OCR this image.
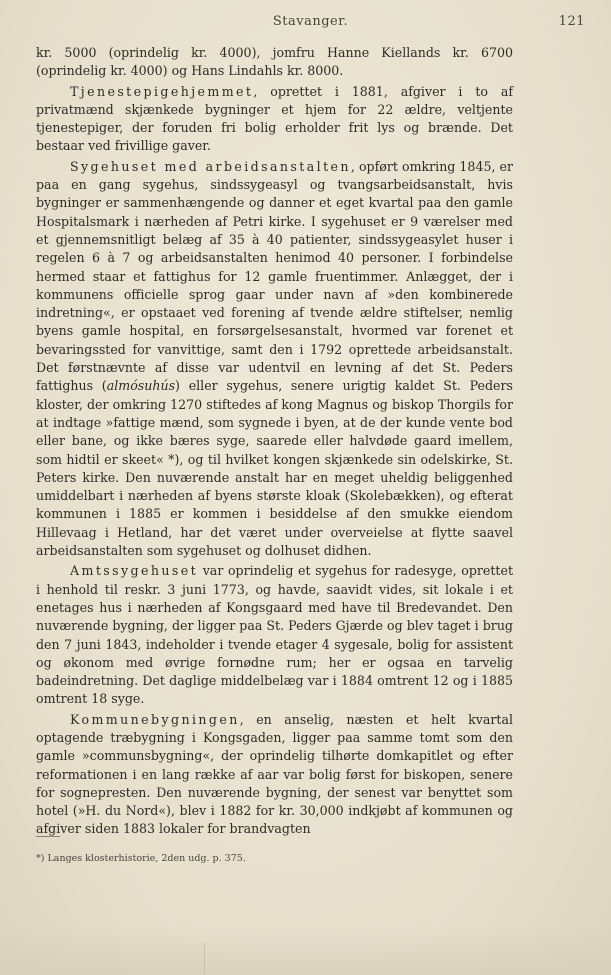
Stavanger.	121

kr. 5000 (oprindelig kr. 4000), jomfru Hanne Kiellands kr. 6700 (oprindelig kr. 4000) og Hans Lindahls kr. 8000.

Tjenestepigehjemmet, oprettet i 1881, afgiver i to af privatmænd skjænkede bygninger et hjem for 22 ældre, veltjente tjenestepiger, der foruden fri bolig erholder frit lys og brænde. Det bestaar ved frivillige gaver.

Sygehuset med arbeidsanstalten, opført omkring 1845, er paa en gang sygehus, sindssygeasyl og tvangsarbeidsanstalt, hvis bygninger er sammenhængende og danner et eget kvartal paa den gamle Hospitalsmark i nærheden af Petri kirke. I sygehuset er 9 værelser med et gjennemsnitligt belæg af 35 à 40 patienter, sindssygeasylet huser i regelen 6 à 7 og arbeidsanstalten henimod 40 personer. I forbindelse hermed staar et fattighus for 12 gamle fruentimmer. Anlægget, der i kommunens officielle sprog gaar under navn af »den kombinerede indretning«, er opstaaet ved forening af tvende ældre stiftelser, nemlig byens gamle hospital, en forsørgelsesanstalt, hvormed var forenet et bevaringssted for vanvittige, samt den i 1792 oprettede arbeidsanstalt. Det førstnævnte af disse var udentvil en levning af det St. Peders fattighus (almósuhús) eller sygehus, senere urigtig kaldet St. Peders kloster, der omkring 1270 stiftedes af kong Magnus og biskop Thorgils for at indtage »fattige mænd, som sygnede i byen, at de der kunde vente bod eller bane, og ikke bæres syge, saarede eller halvdøde gaard imellem, som hidtil er skeet« *), og til hvilket kongen skjænkede sin odelskirke, St. Peters kirke. Den nuværende anstalt har en meget uheldig beliggenhed umiddelbart i nærheden af byens største kloak (Skolebækken), og efterat kommunen i 1885 er kommen i besiddelse af den smukke eiendom Hillevaag i Hetland, har det været under overveielse at flytte saavel arbeidsanstalten som sygehuset og dolhuset didhen.

Amtssygehuset var oprindelig et sygehus for radesyge, oprettet i henhold til reskr. 3 juni 1773, og havde, saavidt vides, sit lokale i et enetages hus i nærheden af Kongsgaard med have til Bredevandet. Den nuværende bygning, der ligger paa St. Peders Gjærde og blev taget i brug den 7 juni 1843, indeholder i tvende etager 4 sygesale, bolig for assistent og økonom med øvrige fornødne rum; her er ogsaa en tarvelig badeindretning. Det daglige middelbelæg var i 1884 omtrent 12 og i 1885 omtrent 18 syge.

Kommunebygningen, en anselig, næsten et helt kvartal optagende træbygning i Kongsgaden, ligger paa samme tomt som den gamle »communsbygning«, der oprindelig tilhørte domkapitlet og efter reformationen i en lang række af aar var bolig først for biskopen, senere for sognepresten. Den nuværende bygning, der senest var benyttet som hotel (»H. du Nord«), blev i 1882 for kr. 30,000 indkjøbt af kommunen og afgiver siden 1883 lokaler for brandvagten

*) Langes klosterhistorie, 2den udg. p. 375.
